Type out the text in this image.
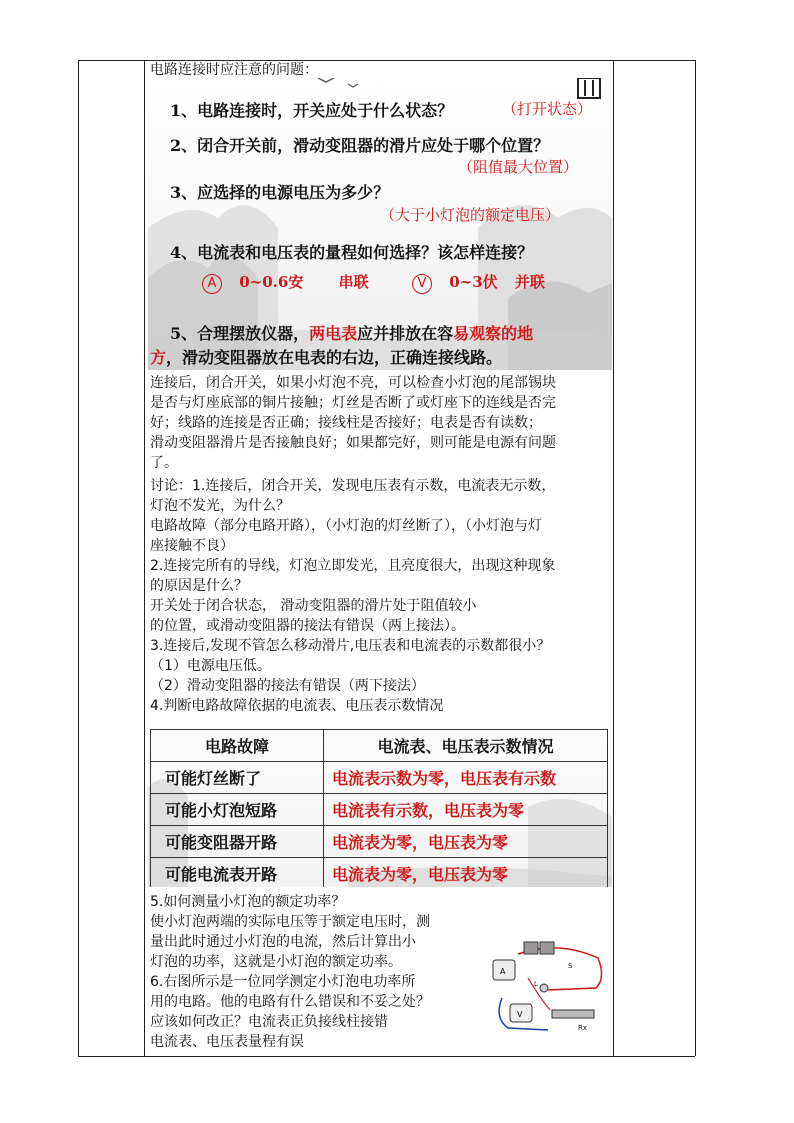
电路连接时应注意的问题：
1、电路连接时，开关应处于什么状态？	（打开状态）
2、闭合开关前，滑动变阻器的滑片应处于哪个位置？
（阻值最大位置）
3、应选择的电源电压为多少？
（大于小灯泡的额定电压）
4、电流表和电压表的量程如何选择？该怎样连接？
A 0~0.6安 串联	V 0~3伏 并联
5、合理摆放仪器，两电表应并排放在容易观察的地
方，滑动变阻器放在电表的右边，正确连接线路。
连接后，闭合开关，如果小灯泡不亮，可以检查小灯泡的尾部锡块
是否与灯座底部的铜片接触；灯丝是否断了或灯座下的连线是否完
好；线路的连接是否正确；接线柱是否接好；电表是否有读数；
滑动变阻器滑片是否接触良好；如果都完好，则可能是电源有问题
了。
讨论：1.连接后，闭合开关，发现电压表有示数，电流表无示数，
灯泡不发光，为什么？
电路故障（部分电路开路），（小灯泡的灯丝断了），（小灯泡与灯
座接触不良）
2.连接完所有的导线，灯泡立即发光，且亮度很大，出现这种现象
的原因是什么？
开关处于闭合状态， 滑动变阻器的滑片处于阻值较小
的位置，或滑动变阻器的接法有错误（两上接法）。
3.连接后,发现不管怎么移动滑片,电压表和电流表的示数都很小？
（1）电源电压低。
（2）滑动变阻器的接法有错误（两下接法）
4.判断电路故障依据的电流表、电压表示数情况
电路故障	电流表、电压表示数情况
可能灯丝断了	电流表示数为零，电压表有示数
可能小灯泡短路	电流表有示数，电压表为零
可能变阻器开路	电流表为零，电压表为零
可能电流表开路	电流表为零，电压表为零
5.如何测量小灯泡的额定功率？
使小灯泡两端的实际电压等于额定电压时，测
量出此时通过小灯泡的电流，然后计算出小
灯泡的功率，这就是小灯泡的额定功率。
6.右图所示是一位同学测定小灯泡电功率所
用的电路。他的电路有什么错误和不妥之处？
应该如何改正？电流表正负接线柱接错
电流表、电压表量程有误
A
V
S
L
Rx
